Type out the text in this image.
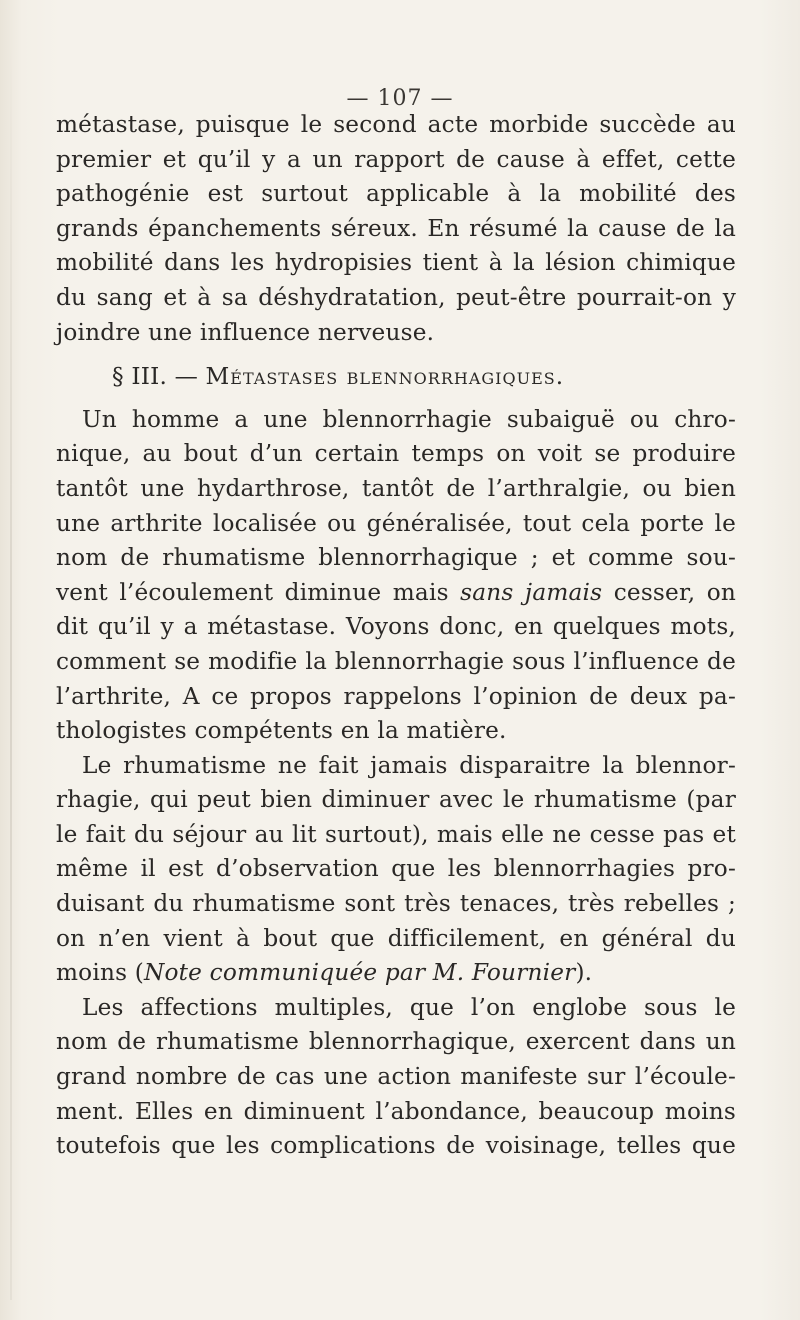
— 107 —

métastase, puisque le second acte morbide succède au
premier et qu’il y a un rapport de cause à effet, cette
pathogénie est surtout applicable à la mobilité des
grands épanchements séreux. En résumé la cause de la
mobilité dans les hydropisies tient à la lésion chimique
du sang et à sa déshydratation, peut-être pourrait-on y
joindre une influence nerveuse.

§ III. — Métastases blennorrhagiques.

Un homme a une blennorrhagie subaiguë ou chro-
nique, au bout d’un certain temps on voit se produire
tantôt une hydarthrose, tantôt de l’arthralgie, ou bien
une arthrite localisée ou généralisée, tout cela porte le
nom de rhumatisme blennorrhagique ; et comme sou-
vent l’écoulement diminue mais sans jamais cesser, on
dit qu’il y a métastase. Voyons donc, en quelques mots,
comment se modifie la blennorrhagie sous l’influence de
l’arthrite, A ce propos rappelons l’opinion de deux pa-
thologistes compétents en la matière.

Le rhumatisme ne fait jamais disparaitre la blennor-
rhagie, qui peut bien diminuer avec le rhumatisme (par
le fait du séjour au lit surtout), mais elle ne cesse pas et
même il est d’observation que les blennorrhagies pro-
duisant du rhumatisme sont très tenaces, très rebelles ;
on n’en vient à bout que difficilement, en général du
moins (Note communiquée par M. Fournier).

Les affections multiples, que l’on englobe sous le
nom de rhumatisme blennorrhagique, exercent dans un
grand nombre de cas une action manifeste sur l’écoule-
ment. Elles en diminuent l’abondance, beaucoup moins
toutefois que les complications de voisinage, telles que
